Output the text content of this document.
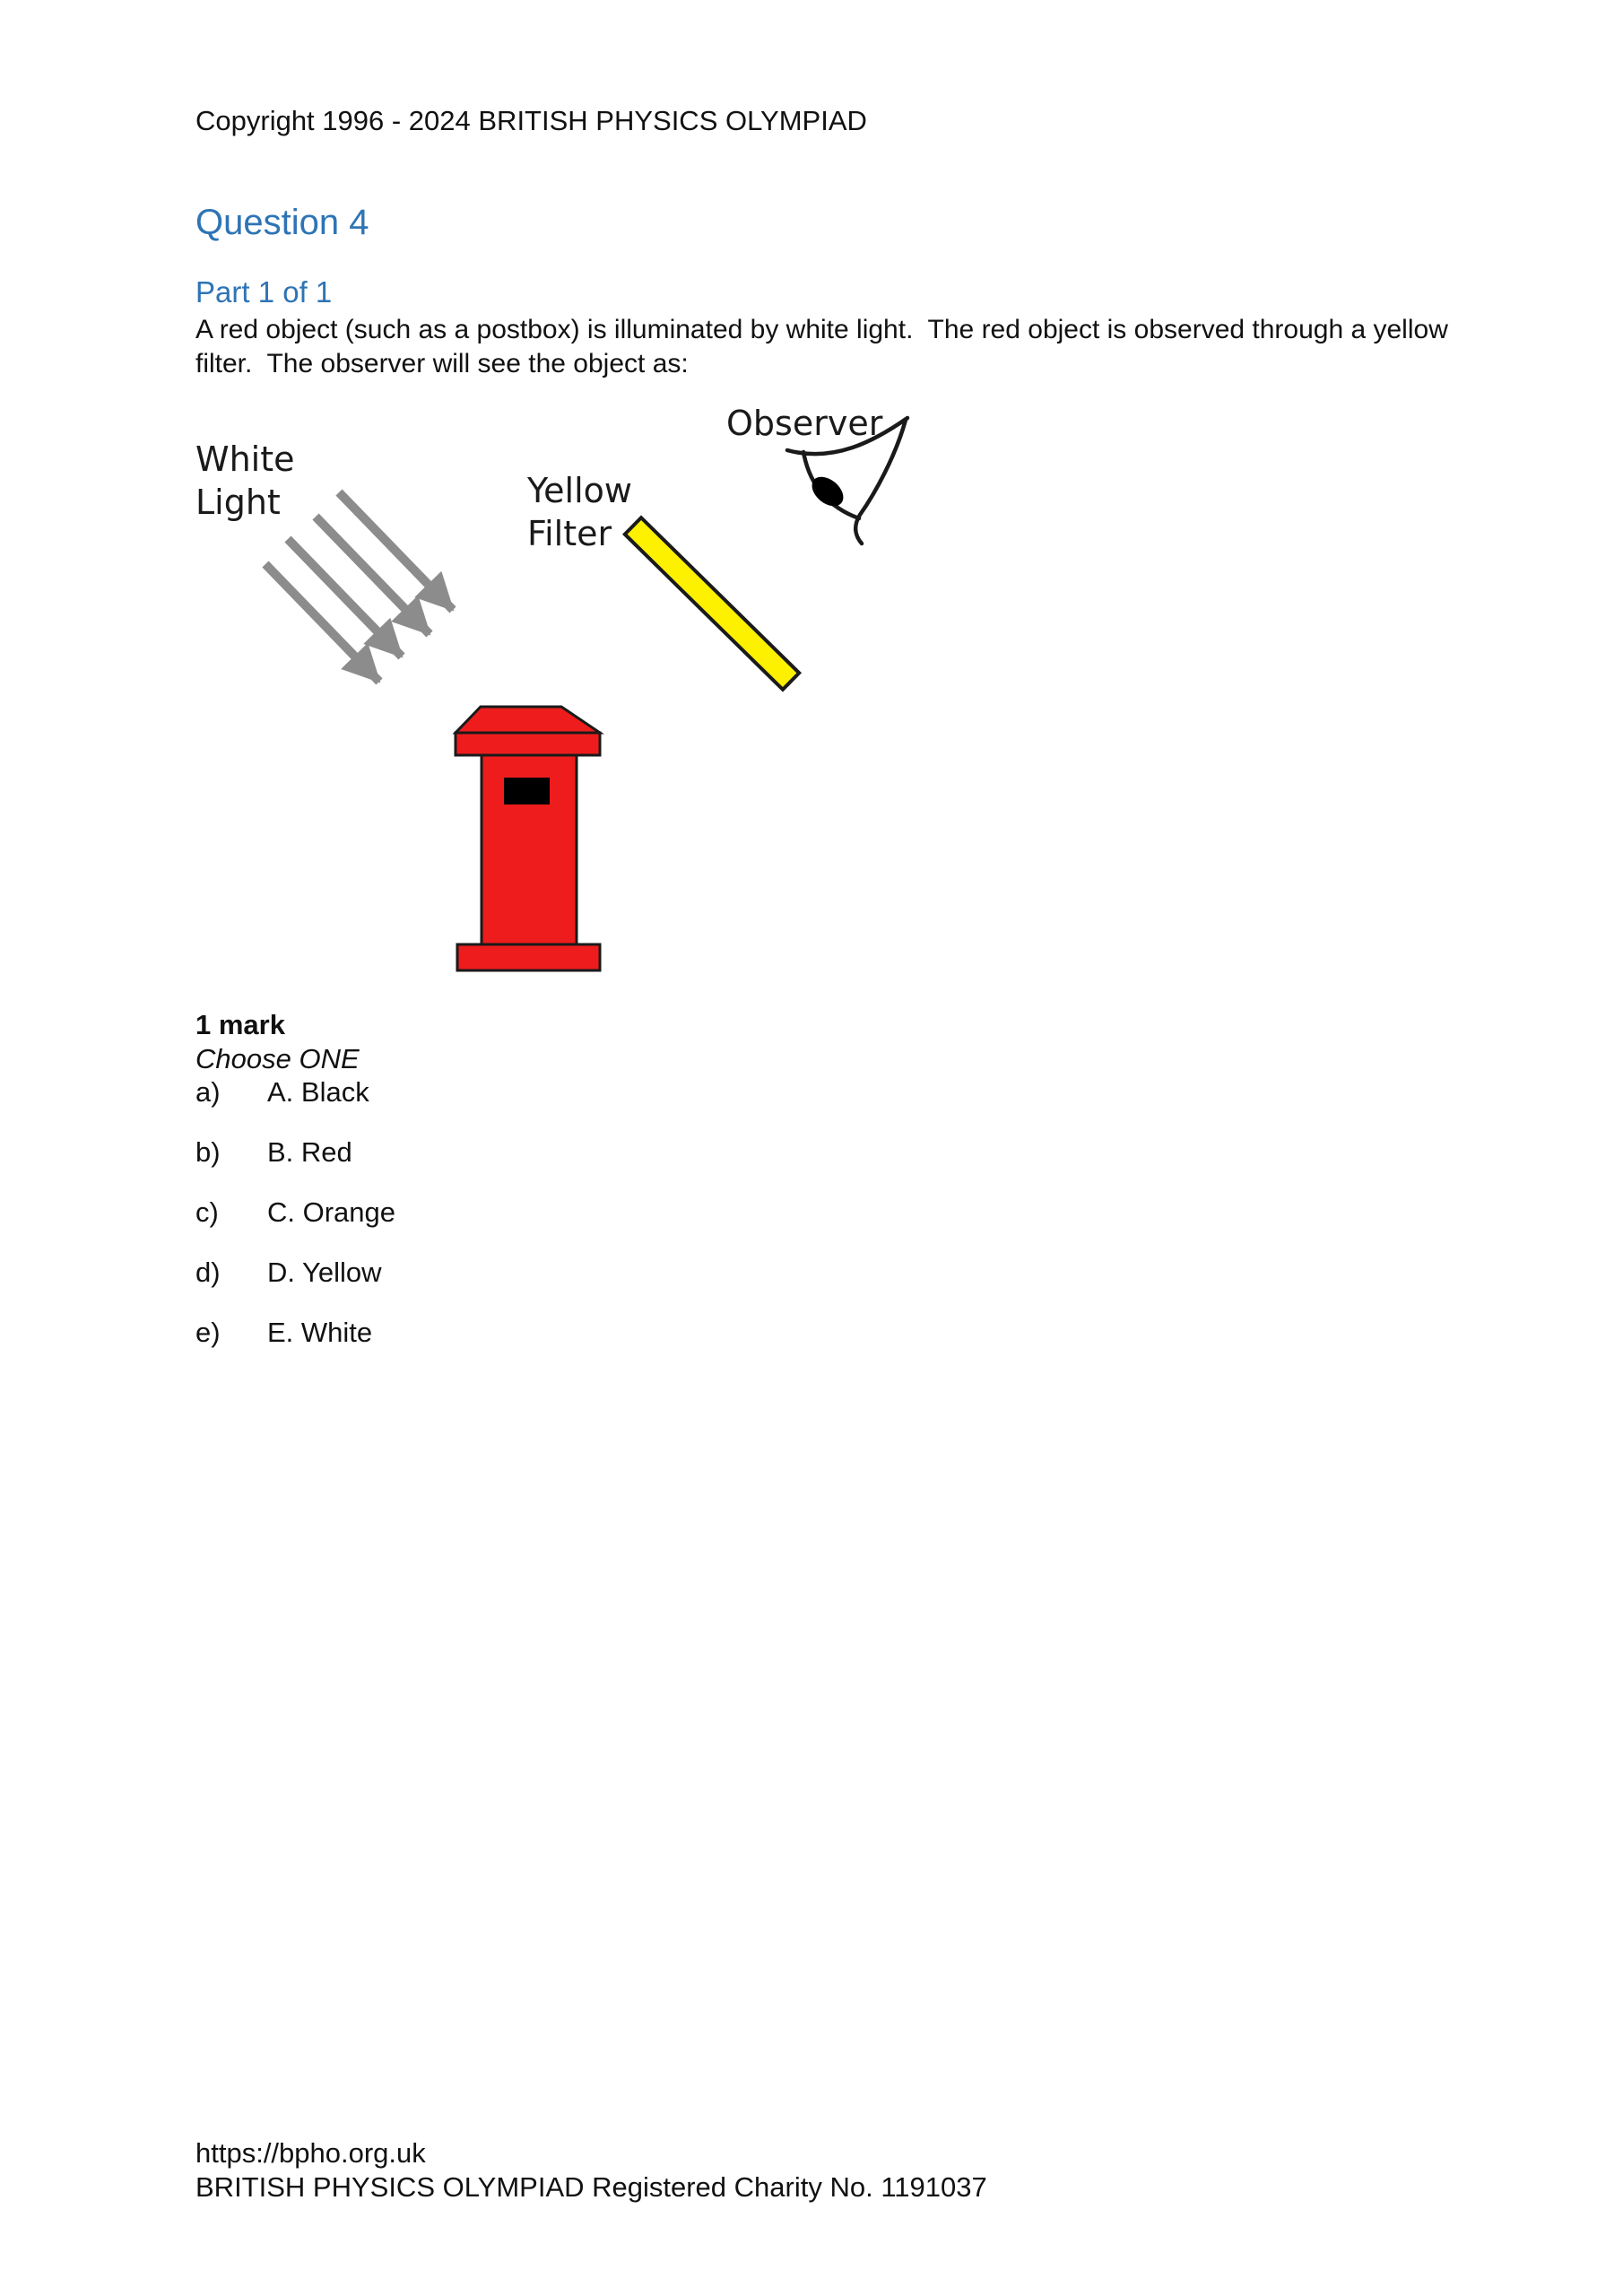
Copyright 1996 - 2024 BRITISH PHYSICS OLYMPIAD
Question 4
Part 1 of 1
A red object (such as a postbox) is illuminated by white light.  The red object is observed through a yellow
filter.  The observer will see the object as:
White
Light	Yellow
Filter
Observer
1 mark
Choose ONE
a)	A. Black
b)	B. Red
c)	C. Orange
d)	D. Yellow
e)	E. White
https://bpho.org.uk
BRITISH PHYSICS OLYMPIAD Registered Charity No. 1191037
